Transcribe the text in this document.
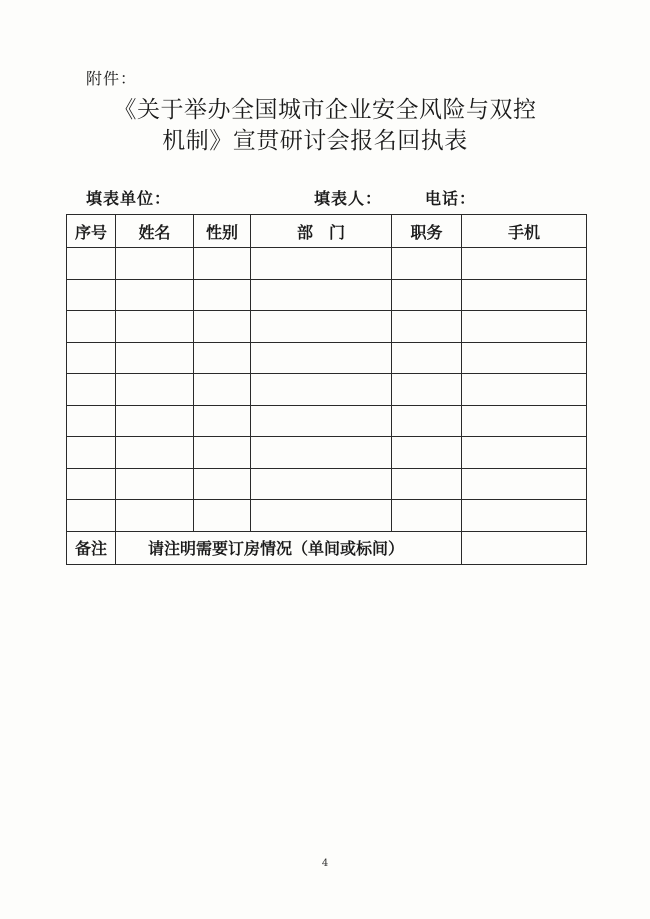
附件：
《关于举办全国城市企业安全风险与双控
机制》宣贯研讨会报名回执表
填表单位：	填表人：	电话：
序号	姓名	性别	部　门	职务	手机

备注	请注明需要订房情况（单间或标间）				
4
